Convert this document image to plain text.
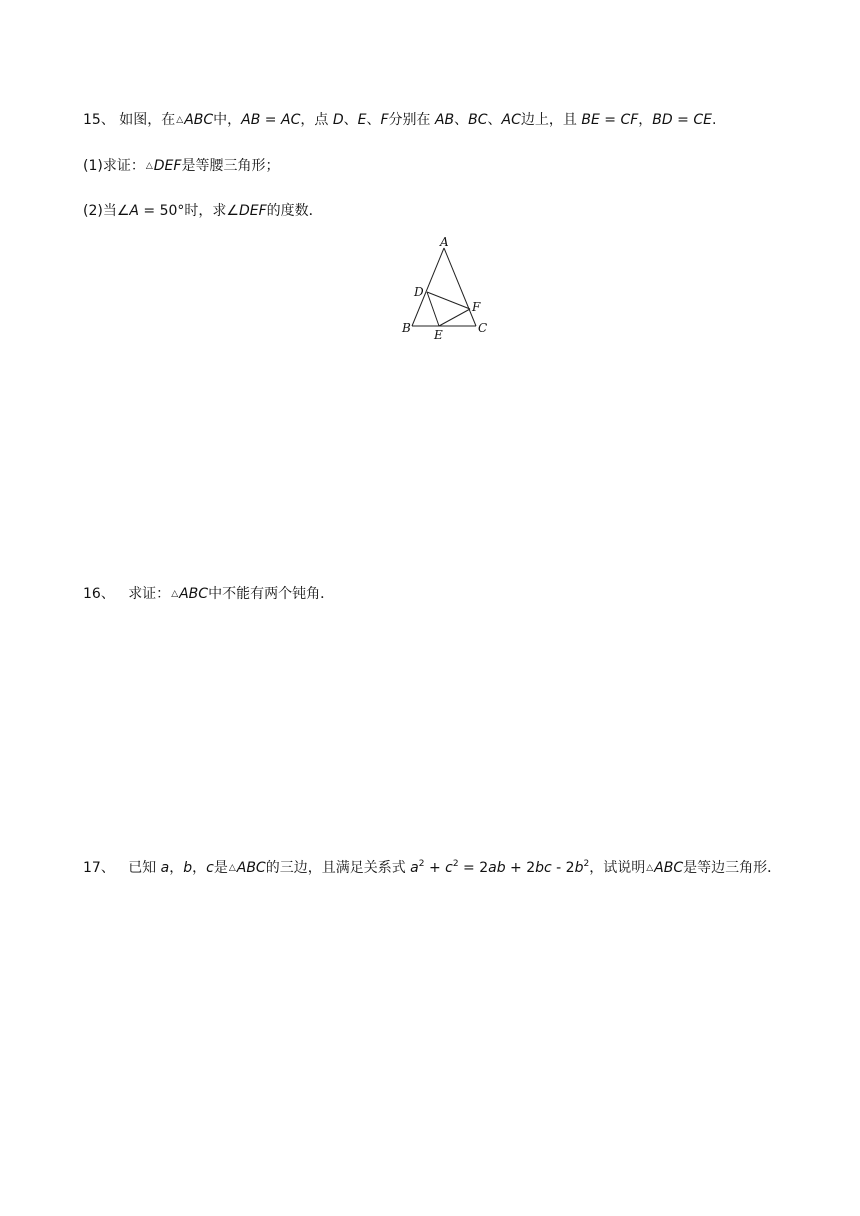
15、 如图，在△ABC中，AB = AC，点 D、E、F分别在 AB、BC、AC边上，且 BE = CF，BD = CE.
(1)求证：△DEF是等腰三角形；
(2)当∠A = 50°时，求∠DEF的度数．
A
D
F
B E	C
16、 求证：△ABC中不能有两个钝角．
17、 已知 a，b，c是△ABC的三边，且满足关系式 $a^2 + c^2 = 2ab + 2bc - 2b^2$，试说明△ABC是等边三角形．
